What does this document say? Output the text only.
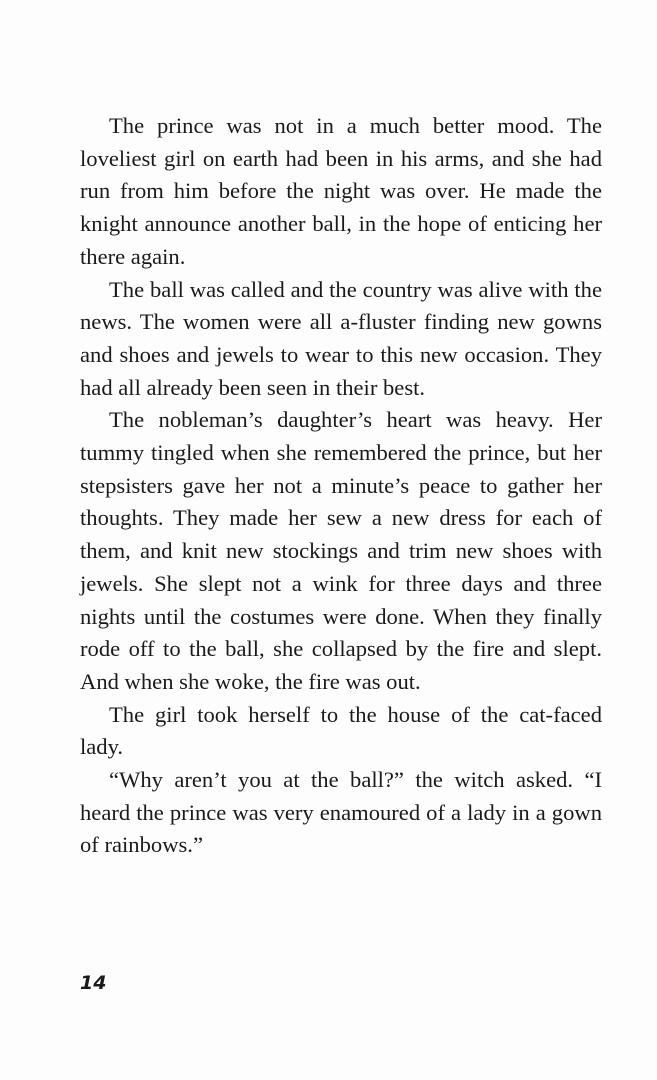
The prince was not in a much better mood. The loveliest girl on earth had been in his arms, and she had run from him before the night was over. He made the knight announce another ball, in the hope of enticing her there again.

The ball was called and the country was alive with the news. The women were all a-fluster finding new gowns and shoes and jewels to wear to this new occasion. They had all already been seen in their best.

The nobleman’s daughter’s heart was heavy. Her tummy tingled when she remembered the prince, but her stepsisters gave her not a minute’s peace to gather her thoughts. They made her sew a new dress for each of them, and knit new stockings and trim new shoes with jewels. She slept not a wink for three days and three nights until the costumes were done. When they finally rode off to the ball, she collapsed by the fire and slept. And when she woke, the fire was out.

The girl took herself to the house of the cat-faced lady.

“Why aren’t you at the ball?” the witch asked. “I heard the prince was very enamoured of a lady in a gown of rainbows.”

14
